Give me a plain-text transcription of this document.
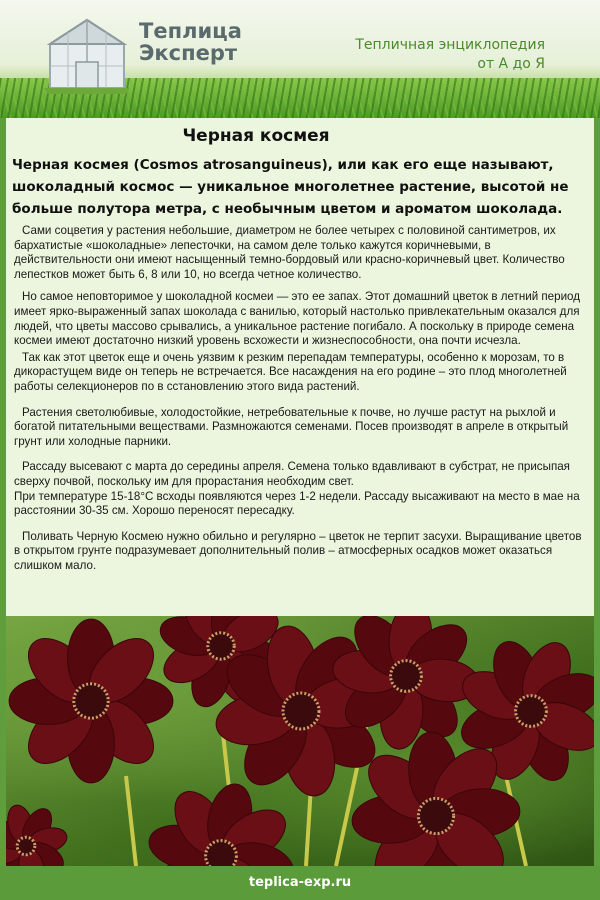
Теплица
Эксперт	Тепличная энциклопедия
от А до Я
Черная космея
Черная космея (Cosmos atrosanguineus), или как его еще называют, шоколадный космос — уникальное многолетнее растение, высотой не больше полутора метра, с необычным цветом и ароматом шоколада.

Сами соцветия у растения небольшие, диаметром не более четырех с половиной сантиметров, их бархатистые «шоколадные» лепесточки, на самом деле только кажутся коричневыми, в действительности они имеют насыщенный темно-бордовый или красно-коричневый цвет. Количество лепестков может быть 6, 8 или 10, но всегда четное количество.

Но самое неповторимое у шоколадной космеи — это ее запах. Этот домашний цветок в летний период имеет ярко-выраженный запах шоколада с ванилью, который настолько привлекательным оказался для людей, что цветы массово срывались, а уникальное растение погибало. А поскольку в природе семена космеи имеют достаточно низкий уровень всхожести и жизнеспособности, она почти исчезла.

Так как этот цветок еще и очень уязвим к резким перепадам температуры, особенно к морозам, то в дикорастущем виде он теперь не встречается. Все насаждения на его родине – это плод многолетней работы селекционеров по в сстановлению этого вида растений.

Растения светолюбивые, холодостойкие, нетребовательные к почве, но лучше растут на рыхлой и богатой питательными веществами. Размножаются семенами. Посев производят в апреле в открытый грунт или холодные парники.

Рассаду высевают с марта до середины апреля. Семена только вдавливают в субстрат, не присыпая сверху почвой, поскольку им для прорастания необходим свет.

При температуре 15-18°С всходы появляются через 1-2 недели. Рассаду высаживают на место в мае на расстоянии 30-35 см. Хорошо переносят пересадку.

Поливать Черную Космею нужно обильно и регулярно – цветок не терпит засухи. Выращивание цветов в открытом грунте подразумевает дополнительный полив – атмосферных осадков может оказаться слишком мало.

teplica-exp.ru
